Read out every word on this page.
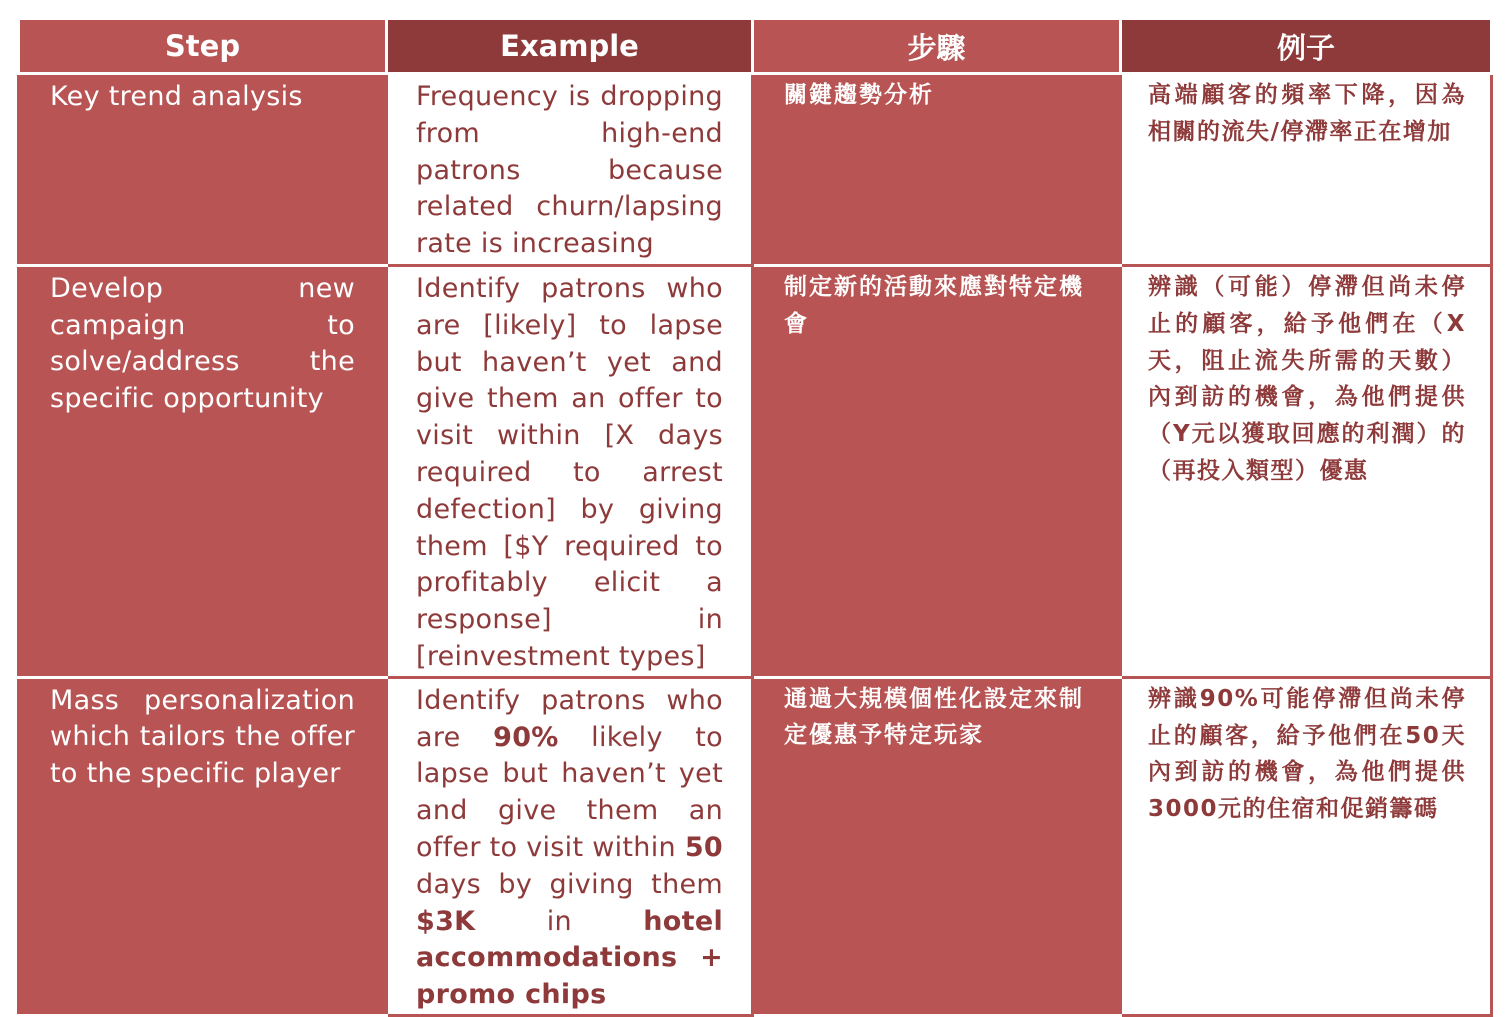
Step	Example	步驟	例子

Key trend analysis	Frequency is dropping from high-end patrons because related churn/lapsing rate is increasing	關鍵趨勢分析	高端顧客的頻率下降，因為相關的流失/停滯率正在增加

Develop new campaign to solve/address the specific opportunity	Identify patrons who are [likely] to lapse but haven’t yet and give them an offer to visit within [X days required to arrest defection] by giving them [$Y required to profitably elicit a response] in [reinvestment types]	制定新的活動來應對特定機會	辨識（可能）停滯但尚未停止的顧客，給予他們在（X天，阻止流失所需的天數）內到訪的機會，為他們提供（Y元以獲取回應的利潤）的（再投入類型）優惠

Mass personalization which tailors the offer to the specific player	Identify patrons who are 90% likely to lapse but haven’t yet and give them an offer to visit within 50 days by giving them $3K in hotel accommodations + promo chips	通過大規模個性化設定來制定優惠予特定玩家	辨識90%可能停滯但尚未停止的顧客，給予他們在50天內到訪的機會，為他們提供3000元的住宿和促銷籌碼
